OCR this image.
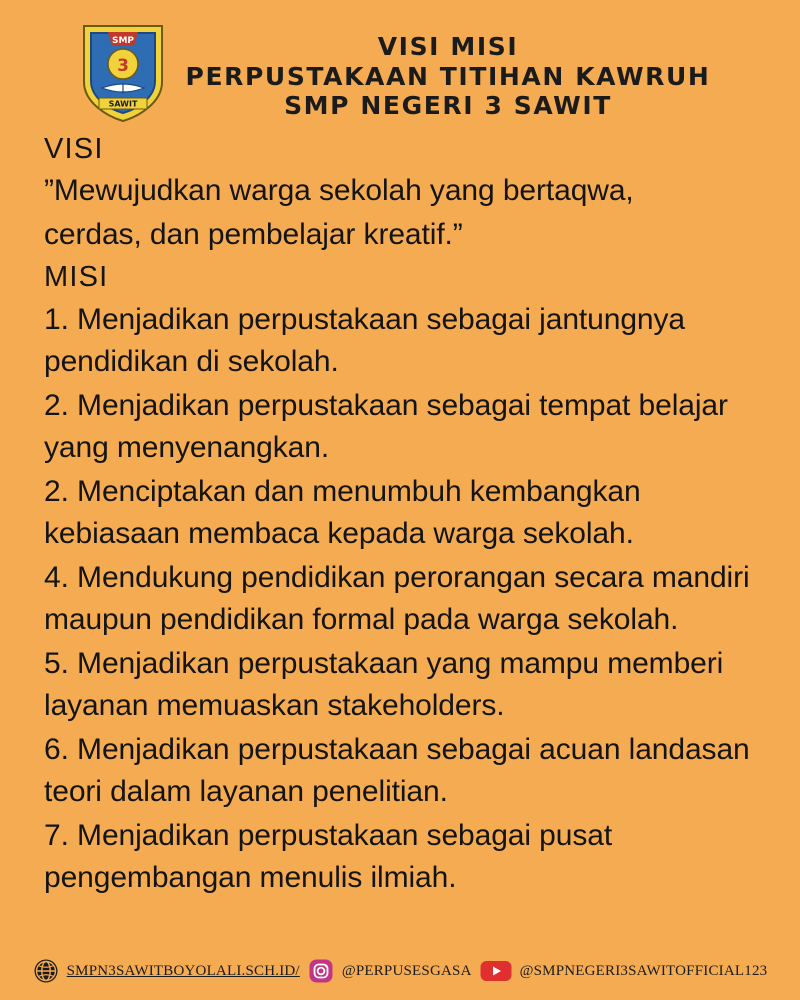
SMP
3
SAWIT
VISI MISI
PERPUSTAKAAN TITIHAN KAWRUH
SMP NEGERI 3 SAWIT
VISI
”Mewujudkan warga sekolah yang bertaqwa,
cerdas, dan pembelajar kreatif.”
MISI
1. Menjadikan perpustakaan sebagai jantungnya pendidikan di sekolah.
2. Menjadikan perpustakaan sebagai tempat belajar yang menyenangkan.
2. Menciptakan dan menumbuh kembangkan kebiasaan membaca kepada warga sekolah.
4. Mendukung pendidikan perorangan secara mandiri maupun pendidikan formal pada warga sekolah.
5. Menjadikan perpustakaan yang mampu memberi layanan memuaskan stakeholders.
6. Menjadikan perpustakaan sebagai acuan landasan teori dalam layanan penelitian.
7. Menjadikan perpustakaan sebagai pusat pengembangan menulis ilmiah.
SMPN3SAWITBOYOLALI.SCH.ID/	@PERPUSESGASA	@SMPNEGERI3SAWITOFFICIAL123
